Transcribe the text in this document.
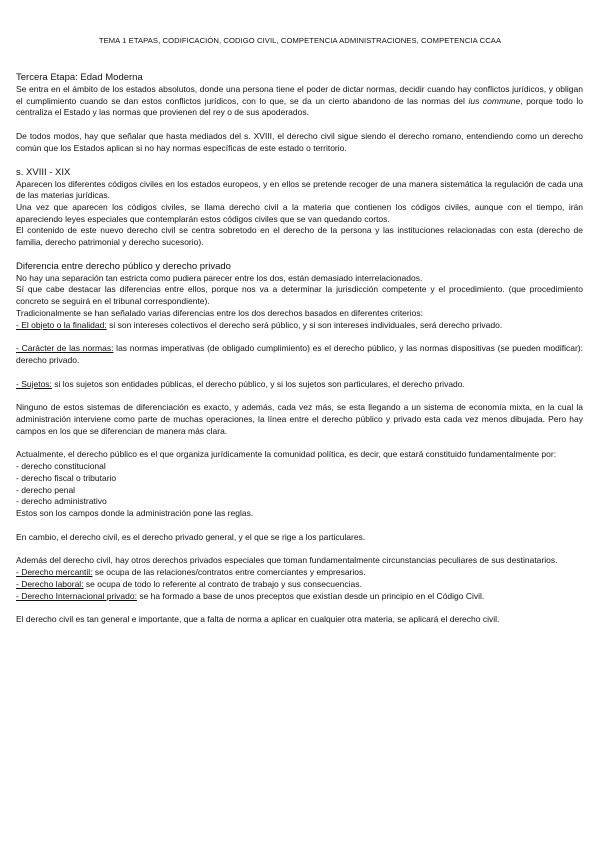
TEMA 1 ETAPAS, CODIFICACIÓN, CODIGO CIVIL, COMPETENCIA ADMINISTRACIONES, COMPETENCIA CCAA

Tercera Etapa: Edad Moderna

Se entra en el ámbito de los estados absolutos, donde una persona tiene el poder de dictar normas, decidir cuando hay conflictos jurídicos, y obligan el cumplimiento cuando se dan estos conflictos jurídicos, con lo que, se da un cierto abandono de las normas del ius commune, porque todo lo centraliza el Estado y las normas que provienen del rey o de sus apoderados.

De todos modos, hay que señalar que hasta mediados del s. XVIII, el derecho civil sigue siendo el derecho romano, entendiendo como un derecho común que los Estados aplican si no hay normas específicas de este estado o territorio.

s. XVIII - XIX

Aparecen los diferentes códigos civiles en los estados europeos, y en ellos se pretende recoger de una manera sistemática la regulación de cada una de las materias jurídicas.

Una vez que aparecen los códigos civiles, se llama derecho civil a la materia que contienen los códigos civiles, aunque con el tiempo, irán apareciendo leyes especiales que contemplarán estos códigos civiles que se van quedando cortos.

El contenido de este nuevo derecho civil se centra sobretodo en el derecho de la persona y las instituciones relacionadas con esta (derecho de familia, derecho patrimonial y derecho sucesorio).

Diferencia entre derecho público y derecho privado

No hay una separación tan estricta como pudiera parecer entre los dos, están demasiado interrelacionados.

Sí que cabe destacar las diferencias entre ellos, porque nos va a determinar la jurisdicción competente y el procedimiento. (que procedimiento concreto se seguirá en el tribunal correspondiente).

Tradicionalmente se han señalado varias diferencias entre los dos derechos basados en diferentes criterios:

- El objeto o la finalidad: si son intereses colectivos el derecho será público, y si son intereses individuales, será derecho privado.

- Carácter de las normas: las normas imperativas (de obligado cumplimiento) es el derecho público, y las normas dispositivas (se pueden modificar): derecho privado.

- Sujetos: si los sujetos son entidades públicas, el derecho público, y si los sujetos son particulares, el derecho privado.

Ninguno de estos sistemas de diferenciación es exacto, y además, cada vez más, se esta llegando a un sistema de economía mixta, en la cual la administración interviene como parte de muchas operaciones, la línea entre el derecho público y privado esta cada vez menos dibujada. Pero hay campos en los que se diferencian de manera más clara.

Actualmente, el derecho público es el que organiza jurídicamente la comunidad política, es decir, que estará constituido fundamentalmente por:

- derecho constitucional

- derecho fiscal o tributario

- derecho penal

- derecho administrativo

Estos son los campos donde la administración pone las reglas.

En cambio, el derecho civil, es el derecho privado general, y el que se rige a los particulares.

Además del derecho civil, hay otros derechos privados especiales que toman fundamentalmente circunstancias peculiares de sus destinatarios.

- Derecho mercantil: se ocupa de las relaciones/contratos entre comerciantes y empresarios.

- Derecho laboral: se ocupa de todo lo referente al contrato de trabajo y sus consecuencias.

- Derecho Internacional privado: se ha formado a base de unos preceptos que existían desde un principio en el Código Civil.

El derecho civil es tan general e importante, que a falta de norma a aplicar en cualquier otra materia, se aplicará el derecho civil.
